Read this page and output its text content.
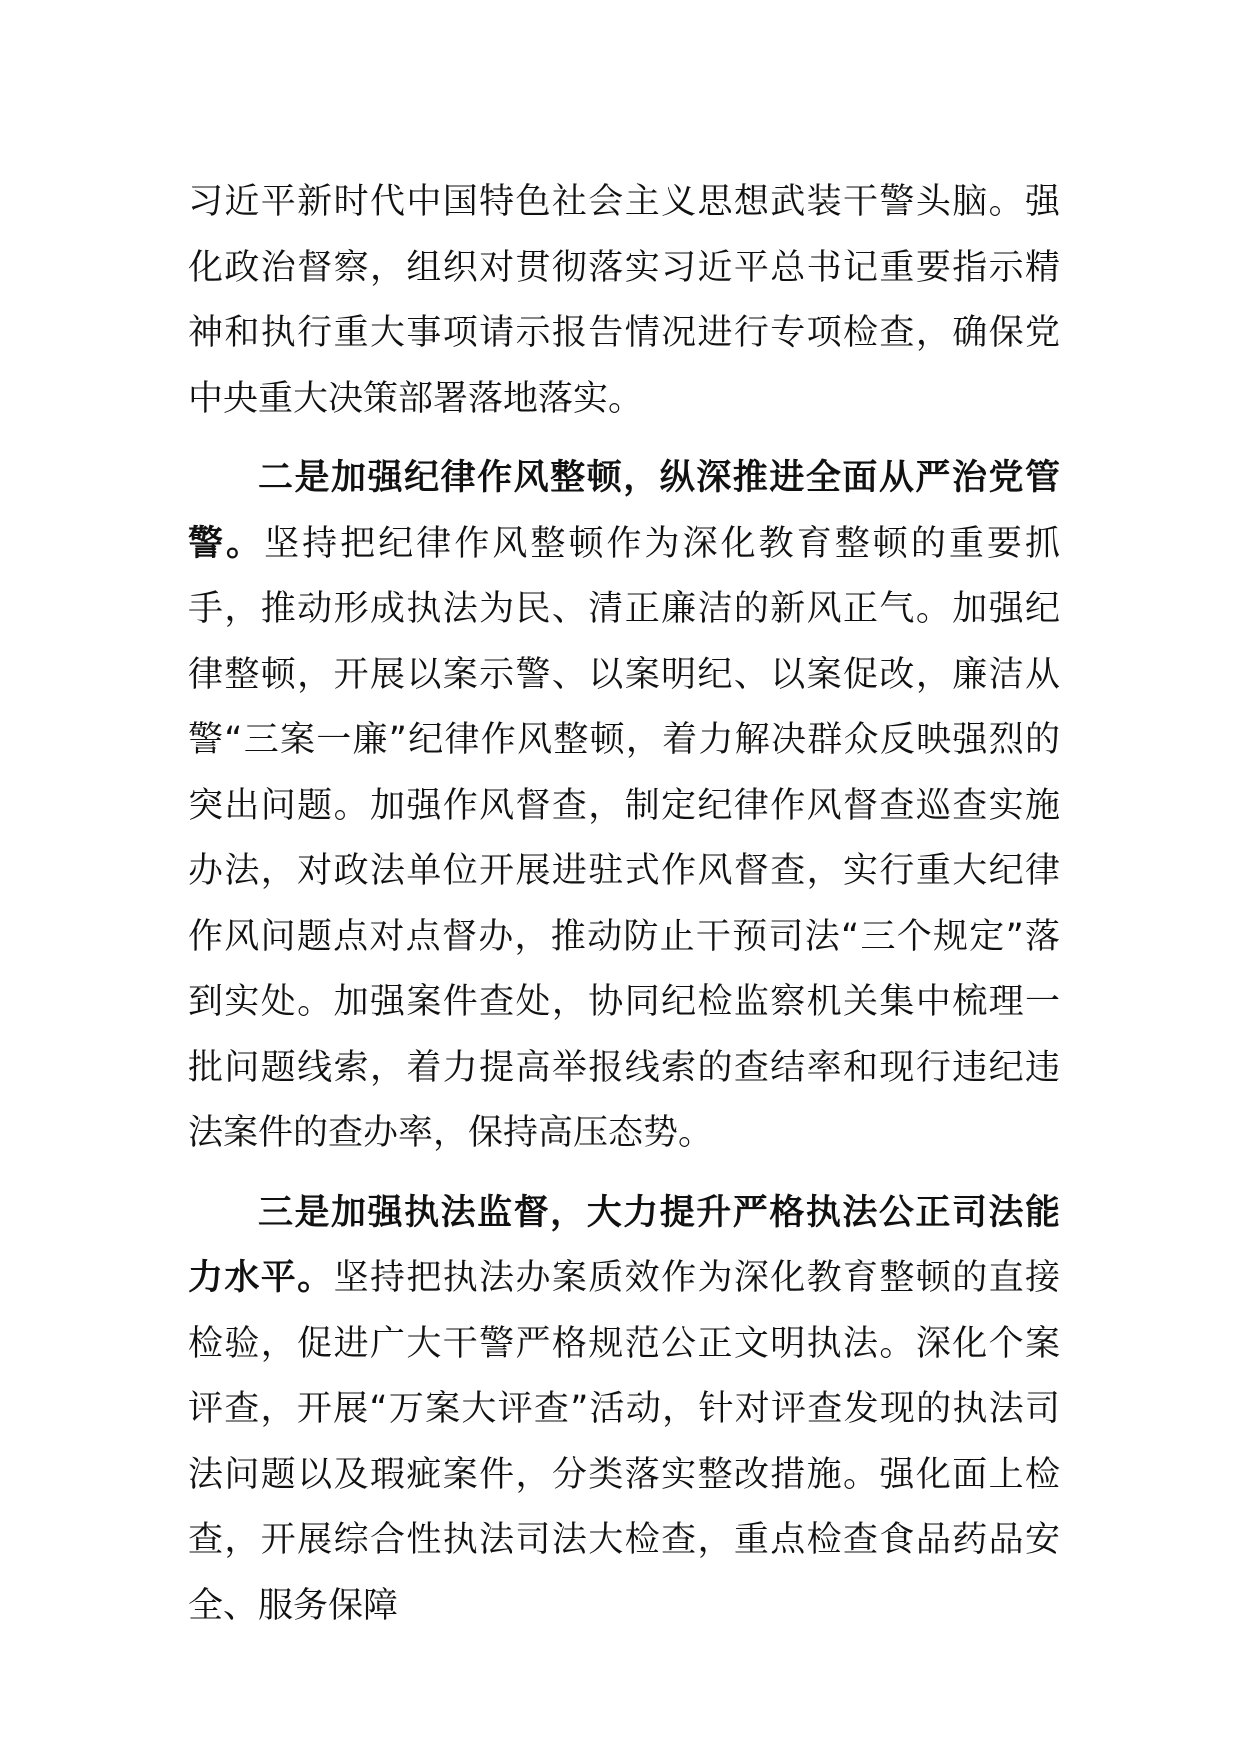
习近平新时代中国特色社会主义思想武装干警头脑。强化政治督察，组织对贯彻落实习近平总书记重要指示精神和执行重大事项请示报告情况进行专项检查，确保党中央重大决策部署落地落实。

二是加强纪律作风整顿，纵深推进全面从严治党管警。坚持把纪律作风整顿作为深化教育整顿的重要抓手，推动形成执法为民、清正廉洁的新风正气。加强纪律整顿，开展以案示警、以案明纪、以案促改，廉洁从警“三案一廉”纪律作风整顿，着力解决群众反映强烈的突出问题。加强作风督查，制定纪律作风督查巡查实施办法，对政法单位开展进驻式作风督查，实行重大纪律作风问题点对点督办，推动防止干预司法“三个规定”落到实处。加强案件查处，协同纪检监察机关集中梳理一批问题线索，着力提高举报线索的查结率和现行违纪违法案件的查办率，保持高压态势。

三是加强执法监督，大力提升严格执法公正司法能力水平。坚持把执法办案质效作为深化教育整顿的直接检验，促进广大干警严格规范公正文明执法。深化个案评查，开展“万案大评查”活动，针对评查发现的执法司法问题以及瑕疵案件，分类落实整改措施。强化面上检查，开展综合性执法司法大检查，重点检查食品药品安全、服务保障
